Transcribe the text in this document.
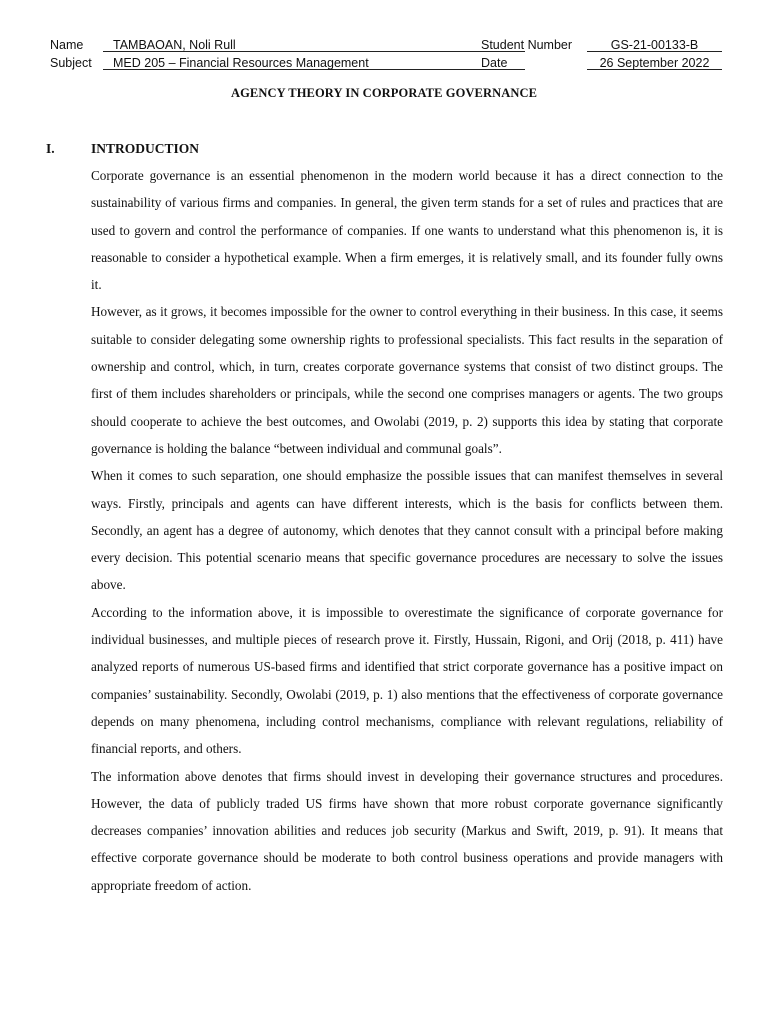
Name	TAMBAOAN, Noli Rull	Student Number	GS-21-00133-B
Subject	MED 205 – Financial Resources Management	Date	26 September 2022
AGENCY THEORY IN CORPORATE GOVERNANCE
I.	INTRODUCTION

Corporate governance is an essential phenomenon in the modern world because it has a direct connection to the sustainability of various firms and companies. In general, the given term stands for a set of rules and practices that are used to govern and control the performance of companies. If one wants to understand what this phenomenon is, it is reasonable to consider a hypothetical example. When a firm emerges, it is relatively small, and its founder fully owns it.

However, as it grows, it becomes impossible for the owner to control everything in their business. In this case, it seems suitable to consider delegating some ownership rights to professional specialists. This fact results in the separation of ownership and control, which, in turn, creates corporate governance systems that consist of two distinct groups. The first of them includes shareholders or principals, while the second one comprises managers or agents. The two groups should cooperate to achieve the best outcomes, and Owolabi (2019, p. 2) supports this idea by stating that corporate governance is holding the balance “between individual and communal goals”.

When it comes to such separation, one should emphasize the possible issues that can manifest themselves in several ways. Firstly, principals and agents can have different interests, which is the basis for conflicts between them. Secondly, an agent has a degree of autonomy, which denotes that they cannot consult with a principal before making every decision. This potential scenario means that specific governance procedures are necessary to solve the issues above.

According to the information above, it is impossible to overestimate the significance of corporate governance for individual businesses, and multiple pieces of research prove it. Firstly, Hussain, Rigoni, and Orij (2018, p. 411) have analyzed reports of numerous US-based firms and identified that strict corporate governance has a positive impact on companies’ sustainability. Secondly, Owolabi (2019, p. 1) also mentions that the effectiveness of corporate governance depends on many phenomena, including control mechanisms, compliance with relevant regulations, reliability of financial reports, and others.

The information above denotes that firms should invest in developing their governance structures and procedures. However, the data of publicly traded US firms have shown that more robust corporate governance significantly decreases companies’ innovation abilities and reduces job security (Markus and Swift, 2019, p. 91). It means that effective corporate governance should be moderate to both control business operations and provide managers with appropriate freedom of action.
